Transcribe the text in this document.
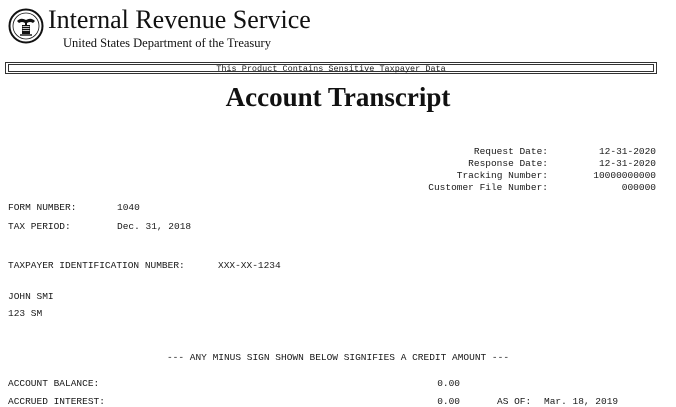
Internal Revenue Service
United States Department of the Treasury
This Product Contains Sensitive Taxpayer Data
Account Transcript
Request Date:	12-31-2020
Response Date:	12-31-2020
Tracking Number:	10000000000
Customer File Number:	000000
FORM NUMBER:	1040
TAX PERIOD:	Dec. 31, 2018
TAXPAYER IDENTIFICATION NUMBER:	XXX-XX-1234
JOHN SMI
123 SM
--- ANY MINUS SIGN SHOWN BELOW SIGNIFIES A CREDIT AMOUNT ---
ACCOUNT BALANCE:	0.00
ACCRUED INTEREST:	0.00	AS OF: Mar. 18, 2019
